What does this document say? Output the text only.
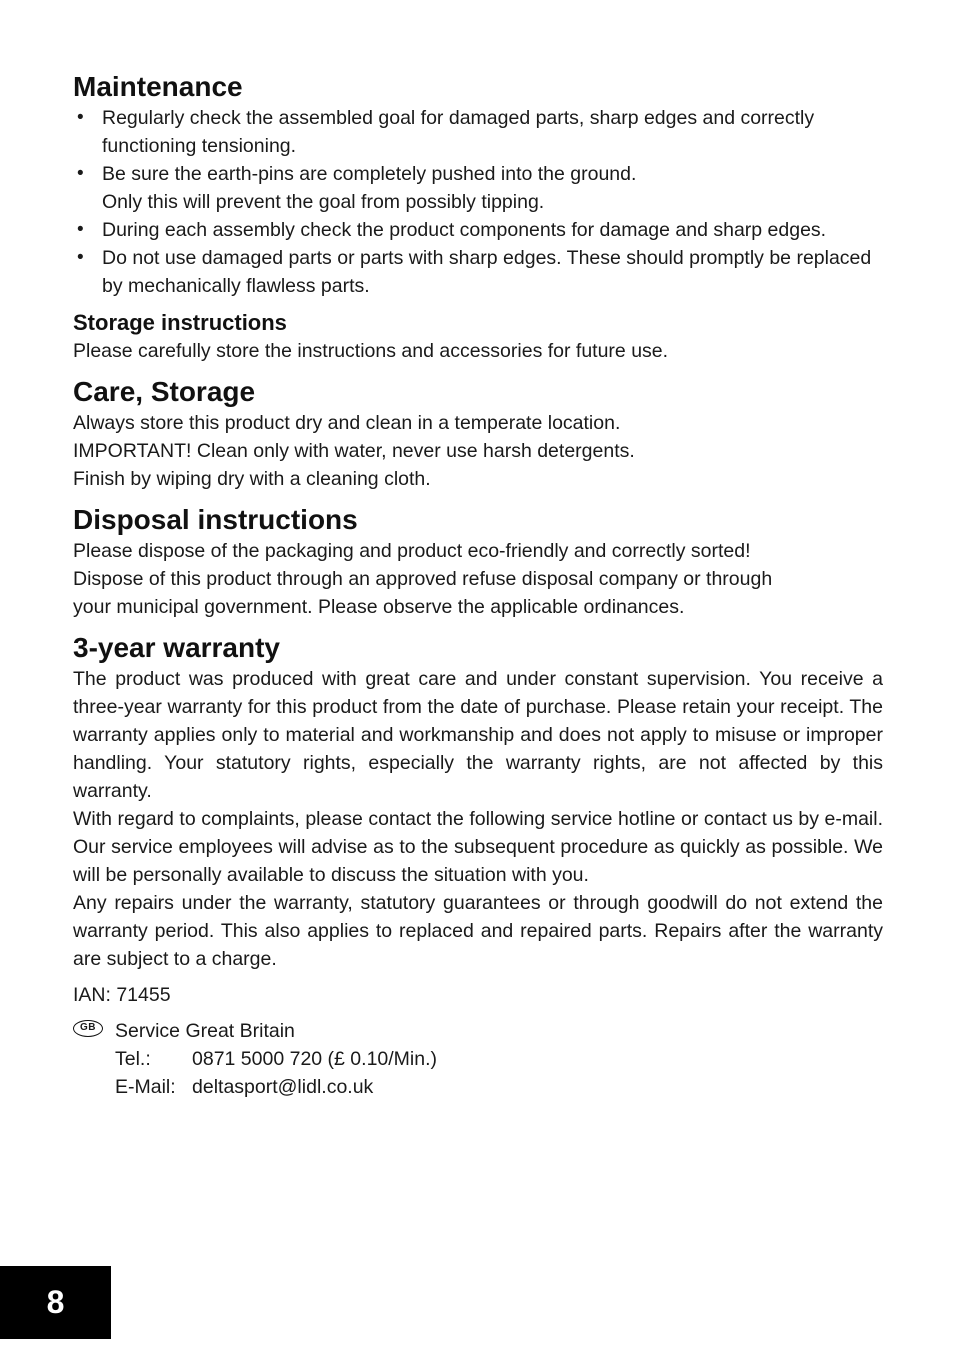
Maintenance
• Regularly check the assembled goal for damaged parts, sharp edges and correctly functioning tensioning.
• Be sure the earth-pins are completely pushed into the ground.
Only this will prevent the goal from possibly tipping.
• During each assembly check the product components for damage and sharp edges.
• Do not use damaged parts or parts with sharp edges. These should promptly be replaced by mechanically flawless parts.
Storage instructions

Please carefully store the instructions and accessories for future use.

Care, Storage

Always store this product dry and clean in a temperate location.

IMPORTANT! Clean only with water, never use harsh detergents.

Finish by wiping dry with a cleaning cloth.

Disposal instructions

Please dispose of the packaging and product eco-friendly and correctly sorted!

Dispose of this product through an approved refuse disposal company or through your municipal government. Please observe the applicable ordinances.

3-year warranty

The product was produced with great care and under constant supervision. You receive a three-year warranty for this product from the date of purchase. Please retain your receipt. The warranty applies only to material and workmanship and does not apply to misuse or improper handling. Your statutory rights, especially the warranty rights, are not affected by this warranty.

With regard to complaints, please contact the following service hotline or contact us by e-mail. Our service employees will advise as to the subsequent procedure as quickly as possible. We will be personally available to discuss the situation with you.

Any repairs under the warranty, statutory guarantees or through goodwill do not extend the warranty period. This also applies to replaced and repaired parts. Repairs after the warranty are subject to a charge.

IAN: 71455

GB Service Great Britain

Tel.:	0871 5000 720 (£ 0.10/Min.)

E-Mail: deltasport@lidl.co.uk

8
